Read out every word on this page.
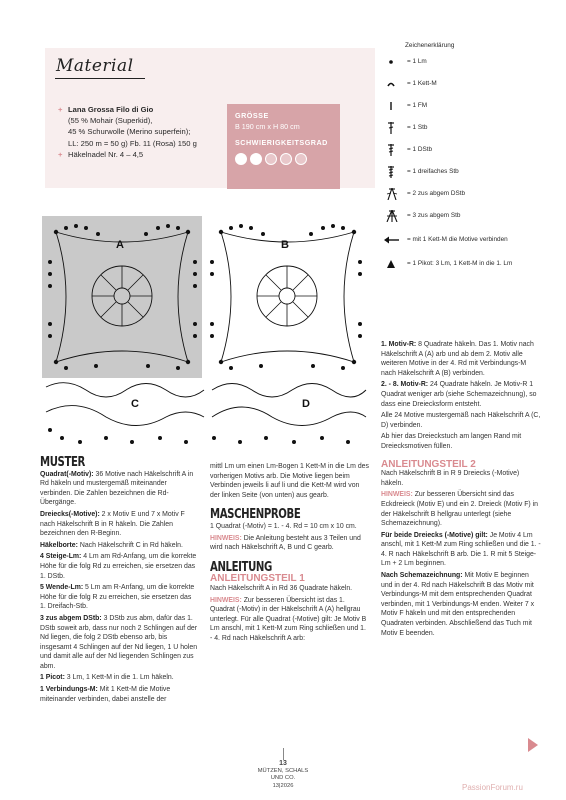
Material
+ Lana Grossa Filo di Gio
(55 % Mohair (Superkid),
45 % Schurwolle (Merino superfein);
LL: 250 m = 50 g) Fb. 11 (Rosa) 150 g
+ Häkelnadel Nr. 4 – 4,5
GRÖSSE
B 190 cm x H 80 cm
SCHWIERIGKEITSGRAD
Zeichenerklärung
= 1 Lm
= 1 Kett-M
= 1 FM
= 1 Stb
= 1 DStb
= 1 dreifaches Stb
= 2 zus abgem DStb
= 3 zus abgem Stb
= mit 1 Kett-M die Motive verbinden
= 1 Pikot: 3 Lm, 1 Kett-M in die 1. Lm
A	B
C	D
MUSTER

Quadrat(-Motiv): 36 Motive nach Häkelschrift A in Rd häkeln und mustergemäß miteinander verbinden. Die Zahlen bezeichnen die Rd-Übergänge.

Dreiecks(-Motive): 2 x Motiv E und 7 x Motiv F nach Häkelschrift B in R häkeln. Die Zahlen bezeichnen den R-Beginn.

Häkelborte: Nach Häkelschrift C in Rd häkeln.

4 Steige-Lm: 4 Lm am Rd-Anfang, um die korrekte Höhe für die folg Rd zu erreichen, sie ersetzen das 1. DStb.

5 Wende-Lm: 5 Lm am R-Anfang, um die korrekte Höhe für die folg R zu erreichen, sie ersetzen das 1. Dreifach-Stb.

3 zus abgem DStb: 3 DStb zus abm, dafür das 1. DStb soweit arb, dass nur noch 2 Schlingen auf der Nd liegen, die folg 2 DStb ebenso arb, bis insgesamt 4 Schlingen auf der Nd liegen, 1 U holen und damit alle auf der Nd liegenden Schlingen zus abm.

1 Picot: 3 Lm, 1 Kett-M in die 1. Lm häkeln.

1 Verbindungs-M: Mit 1 Kett-M die Motive miteinander verbinden, dabei anstelle der

mittl Lm um einen Lm-Bogen 1 Kett-M in die Lm des vorherigen Motivs arb. Die Motive liegen beim Verbinden jeweils li auf li und die Kett-M wird von der linken Seite (von unten) aus gearb.

MASCHENPROBE

1 Quadrat (-Motiv) = 1. - 4. Rd = 10 cm x 10 cm.

HINWEIS: Die Anleitung besteht aus 3 Teilen und wird nach Häkelschrift A, B und C gearb.

ANLEITUNG
ANLEITUNGSTEIL 1

Nach Häkelschrift A in Rd 36 Quadrate häkeln.

HINWEIS: Zur besseren Übersicht ist das 1. Quadrat (-Motiv) in der Häkelschrift A (A) hellgrau unterlegt. Für alle Quadrat (-Motive) gilt: Je Motiv B Lm anschl, mit 1 Kett-M zum Ring schließen und 1. - 4. Rd nach Häkelschrift A arb:

1. Motiv-R: 8 Quadrate häkeln. Das 1. Motiv nach Häkelschrift A (A) arb und ab dem 2. Motiv alle weiteren Motive in der 4. Rd mit Verbindungs-M nach Häkelschrift A (B) verbinden.

2. - 8. Motiv-R: 24 Quadrate häkeln. Je Motiv-R 1 Quadrat weniger arb (siehe Schemazeichnung), so dass eine Dreiecksform entsteht.

Alle 24 Motive mustergemäß nach Häkelschrift A (C, D) verbinden.

Ab hier das Dreieckstuch am langen Rand mit Dreiecksmotiven füllen.

ANLEITUNGSTEIL 2

Nach Häkelschrift B in R 9 Dreiecks (-Motive) häkeln.

HINWEIS: Zur besseren Übersicht sind das Eckdreieck (Motiv E) und ein 2. Dreieck (Motiv F) in der Häkelschrift B hellgrau unterlegt (siehe Schemazeichnung).

Für beide Dreiecks (-Motive) gilt: Je Motiv 4 Lm anschl, mit 1 Kett-M zum Ring schließen und die 1. - 4. R nach Häkelschrift B arb. Die 1. R mit 5 Steige-Lm + 2 Lm beginnen.

Nach Schemazeichnung: Mit Motiv E beginnen und in der 4. Rd nach Häkelschrift B das Motiv mit Verbindungs-M mit dem entsprechenden Quadrat verbinden, mit 1 Verbindungs-M enden. Weiter 7 x Motiv F häkeln und mit den entsprechenden Quadraten verbinden. Abschließend das Tuch mit Motiv E beenden.

13
MÜTZEN, SCHALS
UND CO.
13|2026	PassionForum.ru
